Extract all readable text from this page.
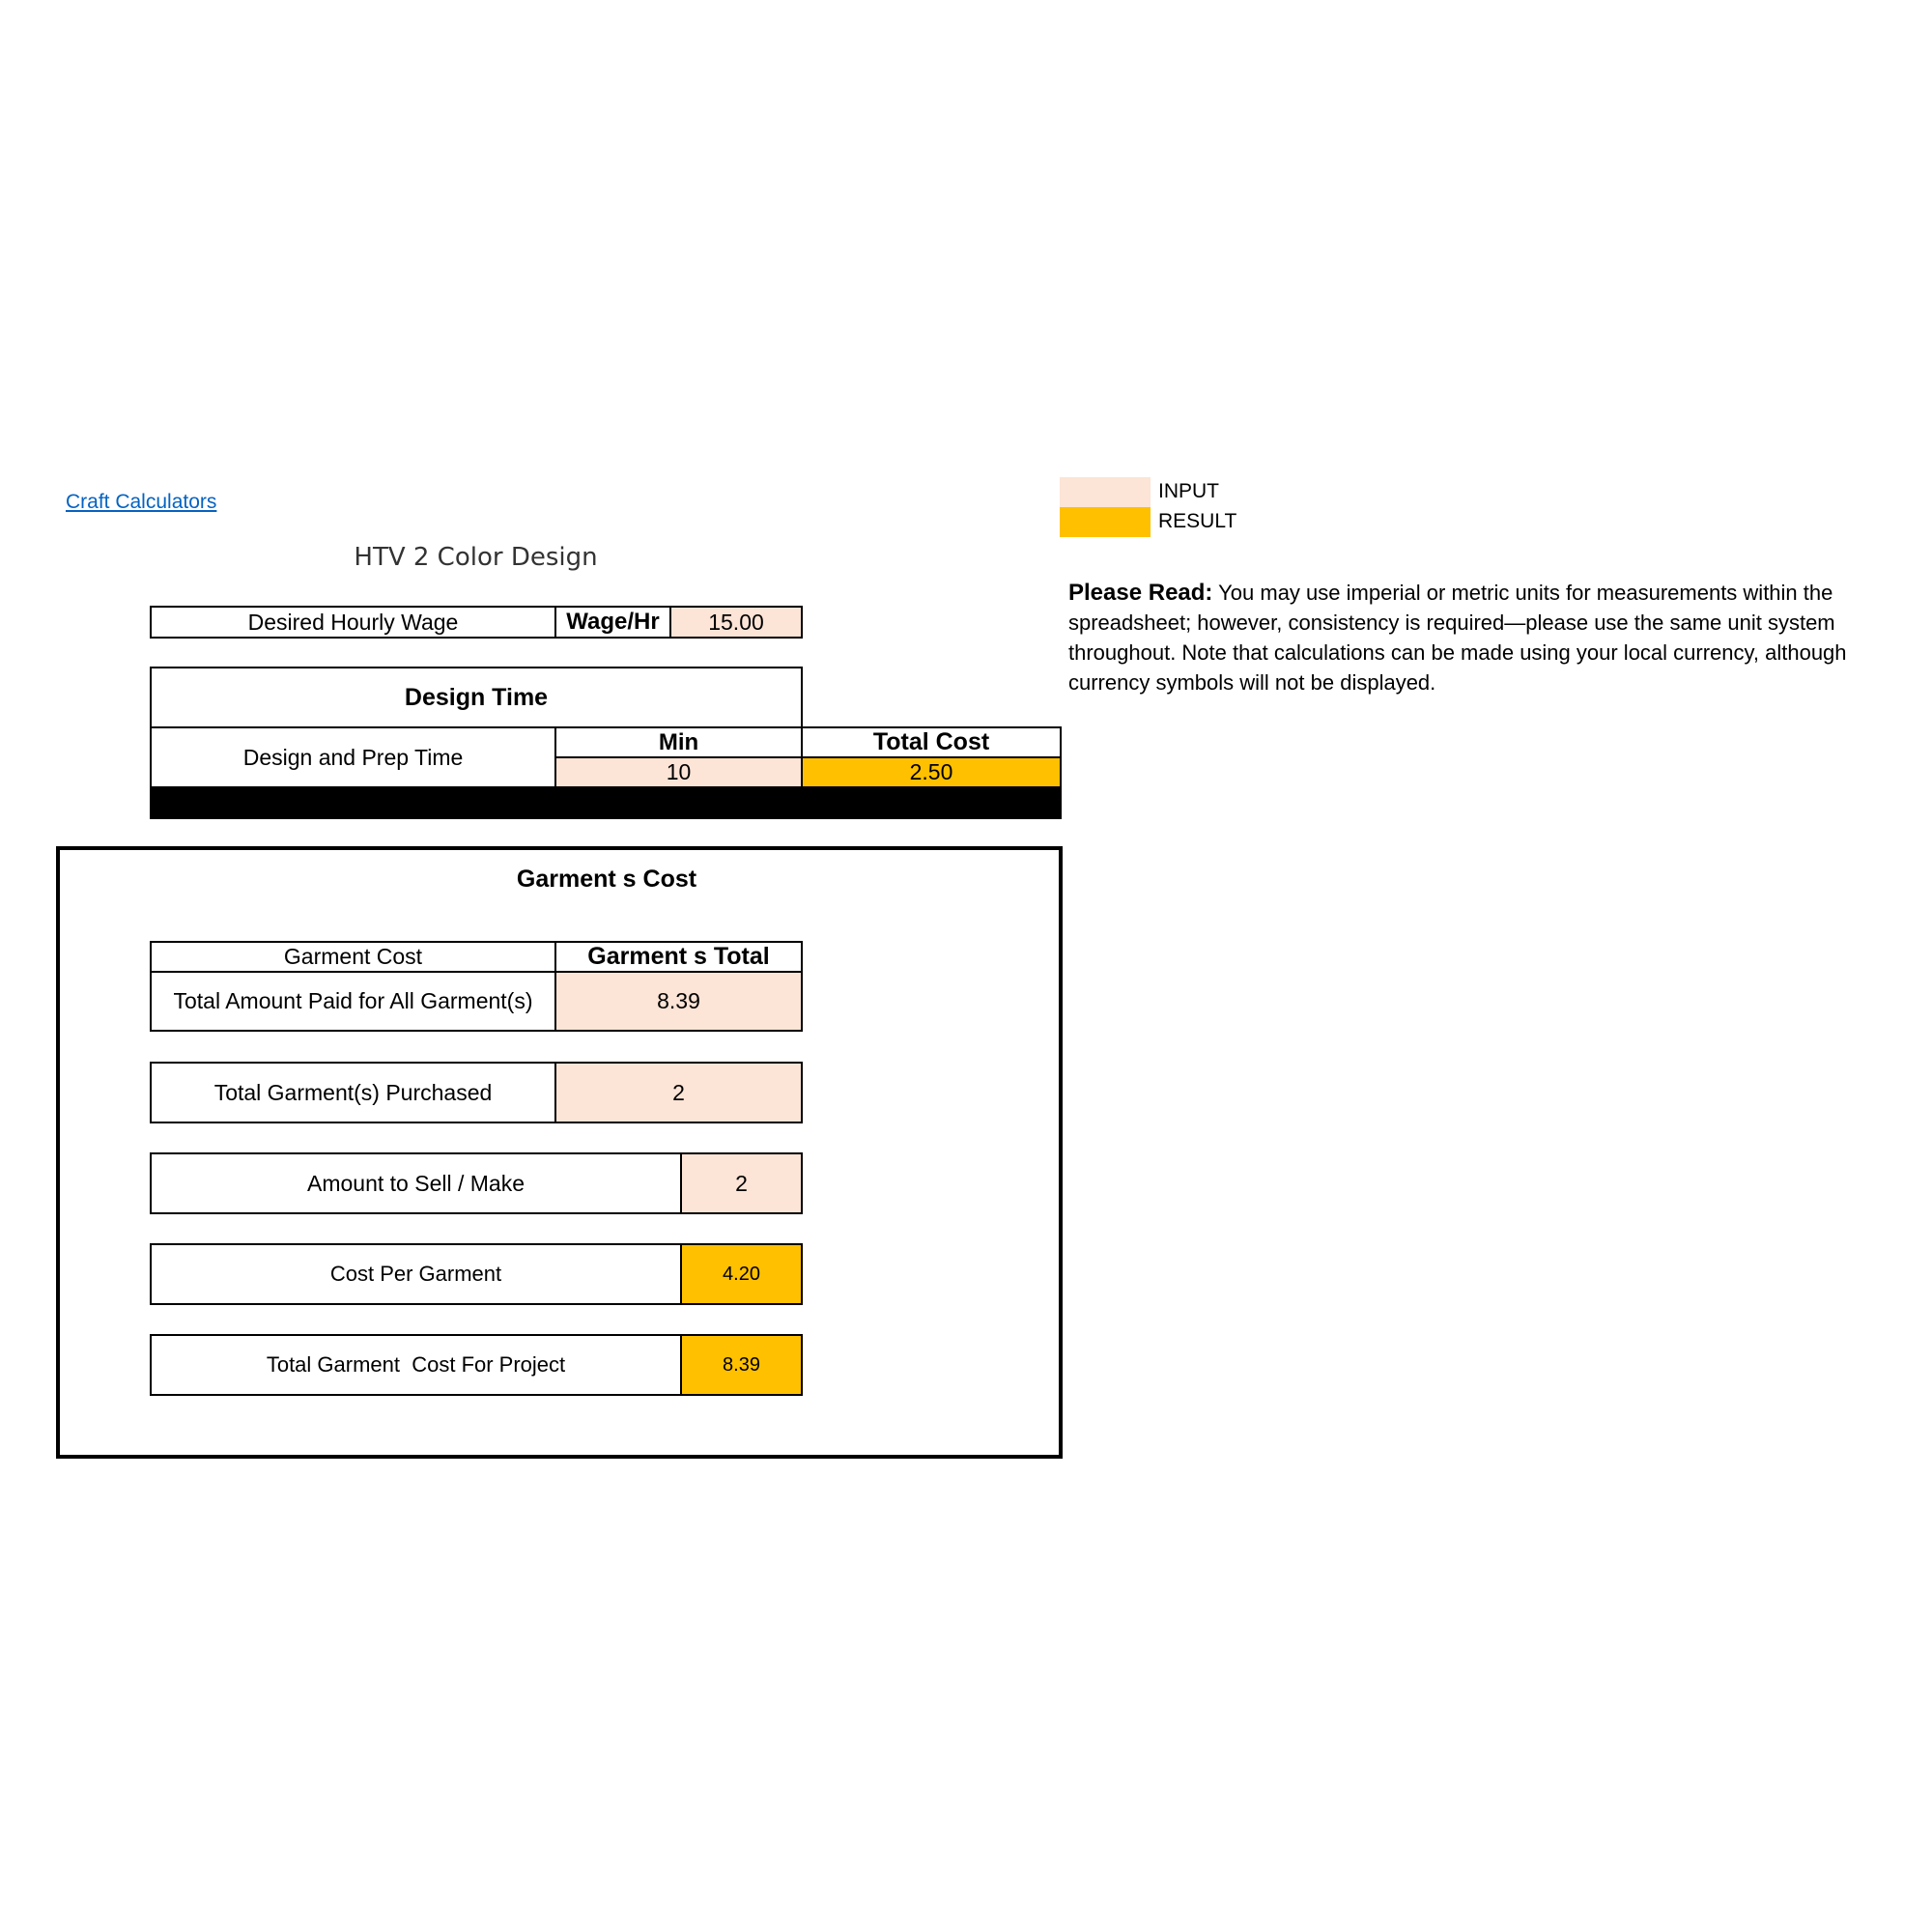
Craft Calculators
HTV 2 Color Design
INPUT
RESULT
Please Read: You may use imperial or metric units for measurements within the spreadsheet; however, consistency is required—please use the same unit system throughout. Note that calculations can be made using your local currency, although currency symbols will not be displayed.
Desired Hourly Wage	Wage/Hr	15.00
Design Time
Design and Prep Time
Min	Total Cost
10	2.50
Garment s Cost
Garment Cost	Garment s Total
Total Amount Paid for All Garment(s)	8.39
Total Garment(s) Purchased	2
Amount to Sell / Make	2
Cost Per Garment	4.20
Total Garment  Cost For Project	8.39
